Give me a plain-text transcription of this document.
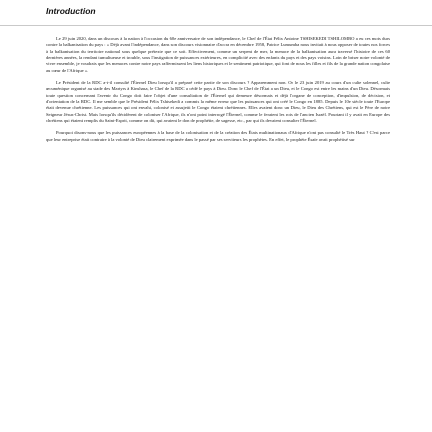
Introduction

Le 29 juin 2020, dans un discours à la nation à l'occasion du 60e anniversaire de son indépendance, le Chef de l'État Félix Antoine TSHISEKEDI TSHILOMBO a eu ces mots durs contre la balkanisation du pays : « Déjà avant l'indépendance, dans son discours visionnaire d'accra en décembre 1958, Patrice Lumumba nous invitait à nous opposer de toutes nos forces à la balkanisation du territoire national sous quelque prétexte que ce soit. Effectivement, comme un serpent de mer, la menace de la balkanisation aura traversé l'histoire de ces 60 dernières années, la rendant tumultueuse et trouble, sous l'instigation de puissances extérieures, en complicité avec des enfants du pays et des pays voisins. Loin de briser notre volonté de vivre ensemble, je voudrais que les menaces contre notre pays raffermissent les liens historiques et le sentiment patriotique, qui font de nous les filles et fils de la grande nation congolaise au cœur de l'Afrique ».

Le Président de la RDC a-t-il consulté l'Éternel Dieu lorsqu'il a préparé cette partie de son discours ? Apparemment non. Or le 23 juin 2019 au cours d'un culte solennel, culte œcuménique organisé au stade des Martyrs à Kinshasa, le Chef de la RDC a cédé le pays à Dieu. Donc le Chef de l'État a un Dieu, et le Congo est entre les mains d'un Dieu. Désormais toute question concernant l'avenir du Congo doit faire l'objet d'une consultation de l'Éternel qui demeure désormais et déjà l'organe de conception, d'impulsion, de décision, et d'orientation de la RDC. Il me semble que le Président Félix Tshisekedi a commis la même erreur que les puissances qui ont créé le Congo en 1885. Depuis le 10e siècle toute l'Europe était devenue chrétienne. Les puissances qui ont envahi, colonisé et assujetti le Congo étaient chrétiennes. Elles avaient donc un Dieu, le Dieu des Chrétiens, qui est le Père de notre Seigneur Jésus-Christ. Mais lorsqu'ils décidèrent de coloniser l'Afrique, ils n'ont point interrogé l'Éternel, comme le feraient les rois de l'ancien Israël. Pourtant il y avait en Europe des chrétiens qui étaient remplis du Saint-Esprit, comme on dit, qui avaient le don de prophétie, de sagesse, etc., par qui ils devaient consulter l'Éternel.

Pourquoi disons-nous que les puissances européennes à la base de la colonisation et de la création des États multinationaux d'Afrique n'ont pas consulté le Très Haut ? C'est parce que leur entreprise était contraire à la volonté de Dieu clairement exprimée dans le passé par ses serviteurs les prophètes. En effet, le prophète Ésaïe avait prophétisé sur
